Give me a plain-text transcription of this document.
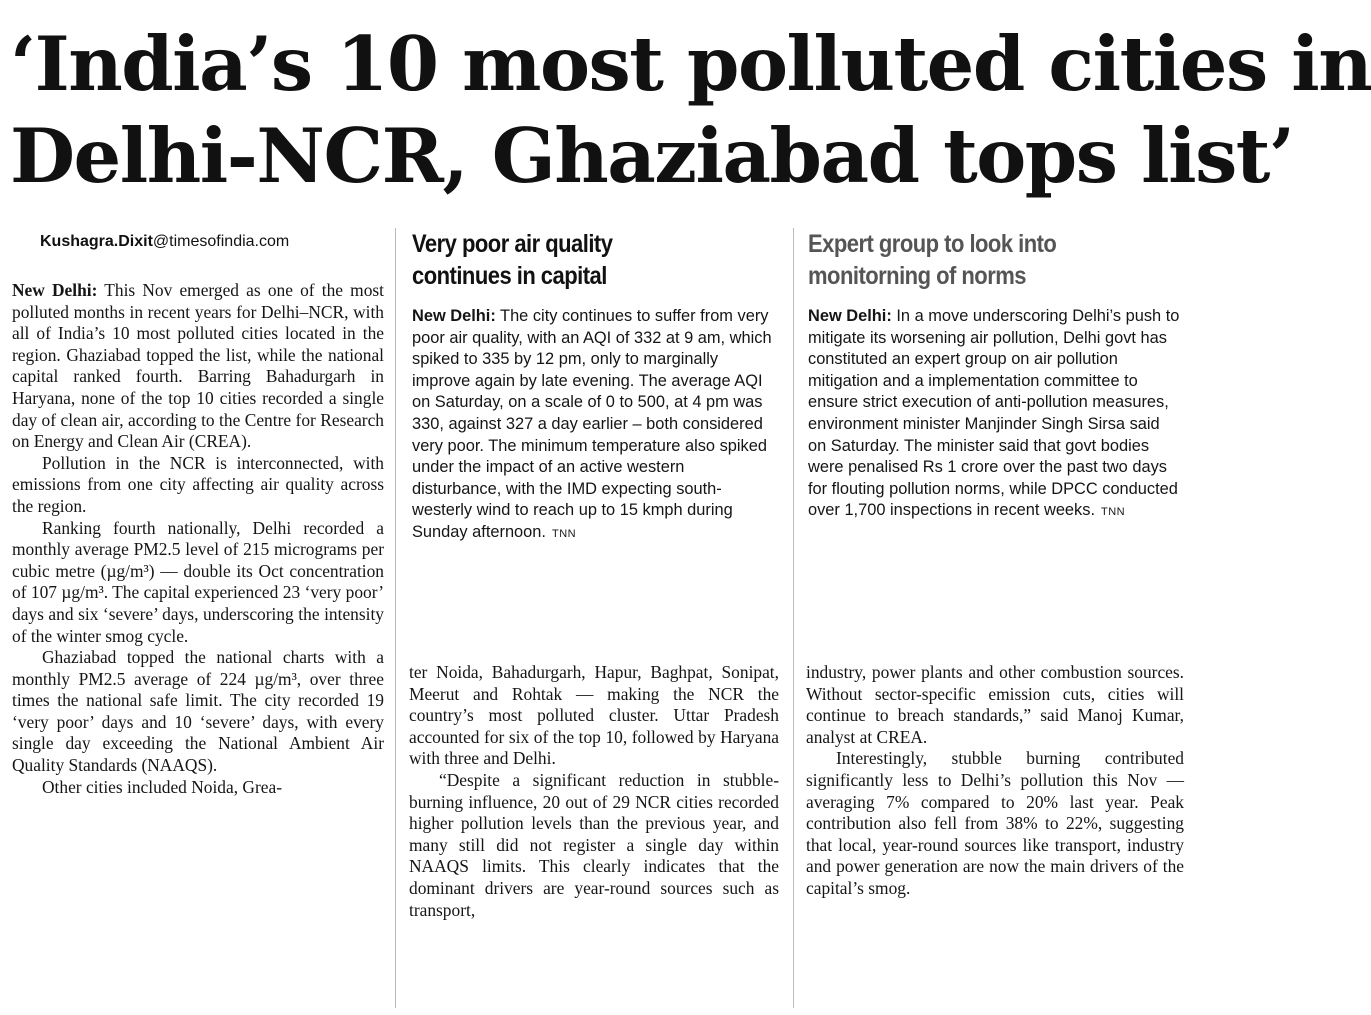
‘India’s 10 most polluted cities in
Delhi-NCR, Ghaziabad tops list’
Kushagra.Dixit@timesofindia.com

New Delhi: This Nov emerged as one of the most polluted months in recent years for Delhi–NCR, with all of India’s 10 most polluted cities located in the region. Ghaziabad topped the list, while the national capital ranked fourth. Barring Bahadurgarh in Haryana, none of the top 10 cities recorded a single day of clean air, according to the Centre for Research on Energy and Clean Air (CREA).

Pollution in the NCR is interconnected, with emissions from one city affecting air quality across the region.

Ranking fourth nationally, Delhi recorded a monthly average PM2.5 level of 215 micrograms per cubic metre (µg/m³) — double its Oct concentration of 107 µg/m³. The capital experienced 23 ‘very poor’ days and six ‘severe’ days, underscoring the intensity of the winter smog cycle.

Ghaziabad topped the national charts with a monthly PM2.5 average of 224 µg/m³, over three times the national safe limit. The city recorded 19 ‘very poor’ days and 10 ‘severe’ days, with every single day exceeding the National Ambient Air Quality Standards (NAAQS).

Other cities included Noida, Grea-

Very poor air quality
continues in capital
New Delhi: The city continues to suffer from very poor air quality, with an AQI of 332 at 9 am, which spiked to 335 by 12 pm, only to marginally improve again by late evening. The average AQI on Saturday, on a scale of 0 to 500, at 4 pm was 330, against 327 a day earlier – both considered very poor. The minimum temperature also spiked under the impact of an active western disturbance, with the IMD expecting south-westerly wind to reach up to 15 kmph during Sunday afternoon. TNN
Expert group to look into
monitorning of norms
New Delhi: In a move underscoring Delhi’s push to mitigate its worsening air pollution, Delhi govt has constituted an expert group on air pollution mitigation and a implementation committee to ensure strict execution of anti-pollution measures, environment minister Manjinder Singh Sirsa said on Saturday. The minister said that govt bodies were penalised Rs 1 crore over the past two days for flouting pollution norms, while DPCC conducted over 1,700 inspections in recent weeks. TNN

ter Noida, Bahadurgarh, Hapur, Baghpat, Sonipat, Meerut and Rohtak — making the NCR the country’s most polluted cluster. Uttar Pradesh accounted for six of the top 10, followed by Haryana with three and Delhi.

“Despite a significant reduction in stubble-burning influence, 20 out of 29 NCR cities recorded higher pollution levels than the previous year, and many still did not register a single day within NAAQS limits. This clearly indicates that the dominant drivers are year-round sources such as transport,

industry, power plants and other combustion sources. Without sector-specific emission cuts, cities will continue to breach standards,” said Manoj Kumar, analyst at CREA.

Interestingly, stubble burning contributed significantly less to Delhi’s pollution this Nov — averaging 7% compared to 20% last year. Peak contribution also fell from 38% to 22%, suggesting that local, year-round sources like transport, industry and power generation are now the main drivers of the capital’s smog.
